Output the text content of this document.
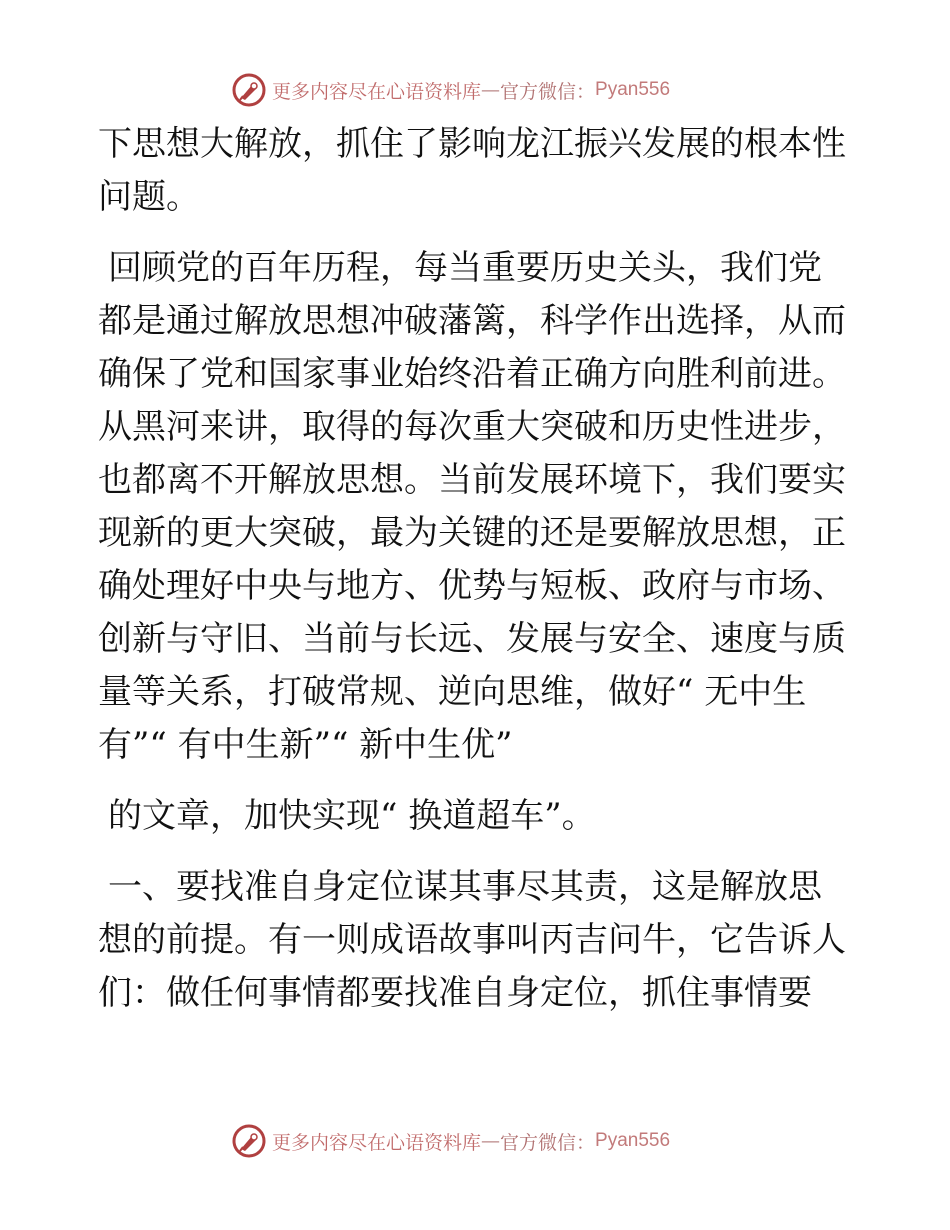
更多内容尽在心语资料库 — 官方微信： Pyan556
下思想大解放，抓住了影响龙江振兴发展的根本性
问题。
回顾党的百年历程，每当重要历史关头，我们党
都是通过解放思想冲破藩篱，科学作出选择，从而
确保了党和国家事业始终沿着正确方向胜利前进。
从黑河来讲，取得的每次重大突破和历史性进步，
也都离不开解放思想。当前发展环境下，我们要实
现新的更大突破，最为关键的还是要解放思想，正
确处理好中央与地方、优势与短板、政府与市场、
创新与守旧、当前与长远、发展与安全、速度与质
量等关系，打破常规、逆向思维，做好“ 无中生
有”“ 有中生新”“ 新中生优”
的文章，加快实现“ 换道超车”。
一、要找准自身定位谋其事尽其责，这是解放思
想的前提。有一则成语故事叫丙吉问牛，它告诉人
们：做任何事情都要找准自身定位，抓住事情要
更多内容尽在心语资料库 — 官方微信： Pyan556
